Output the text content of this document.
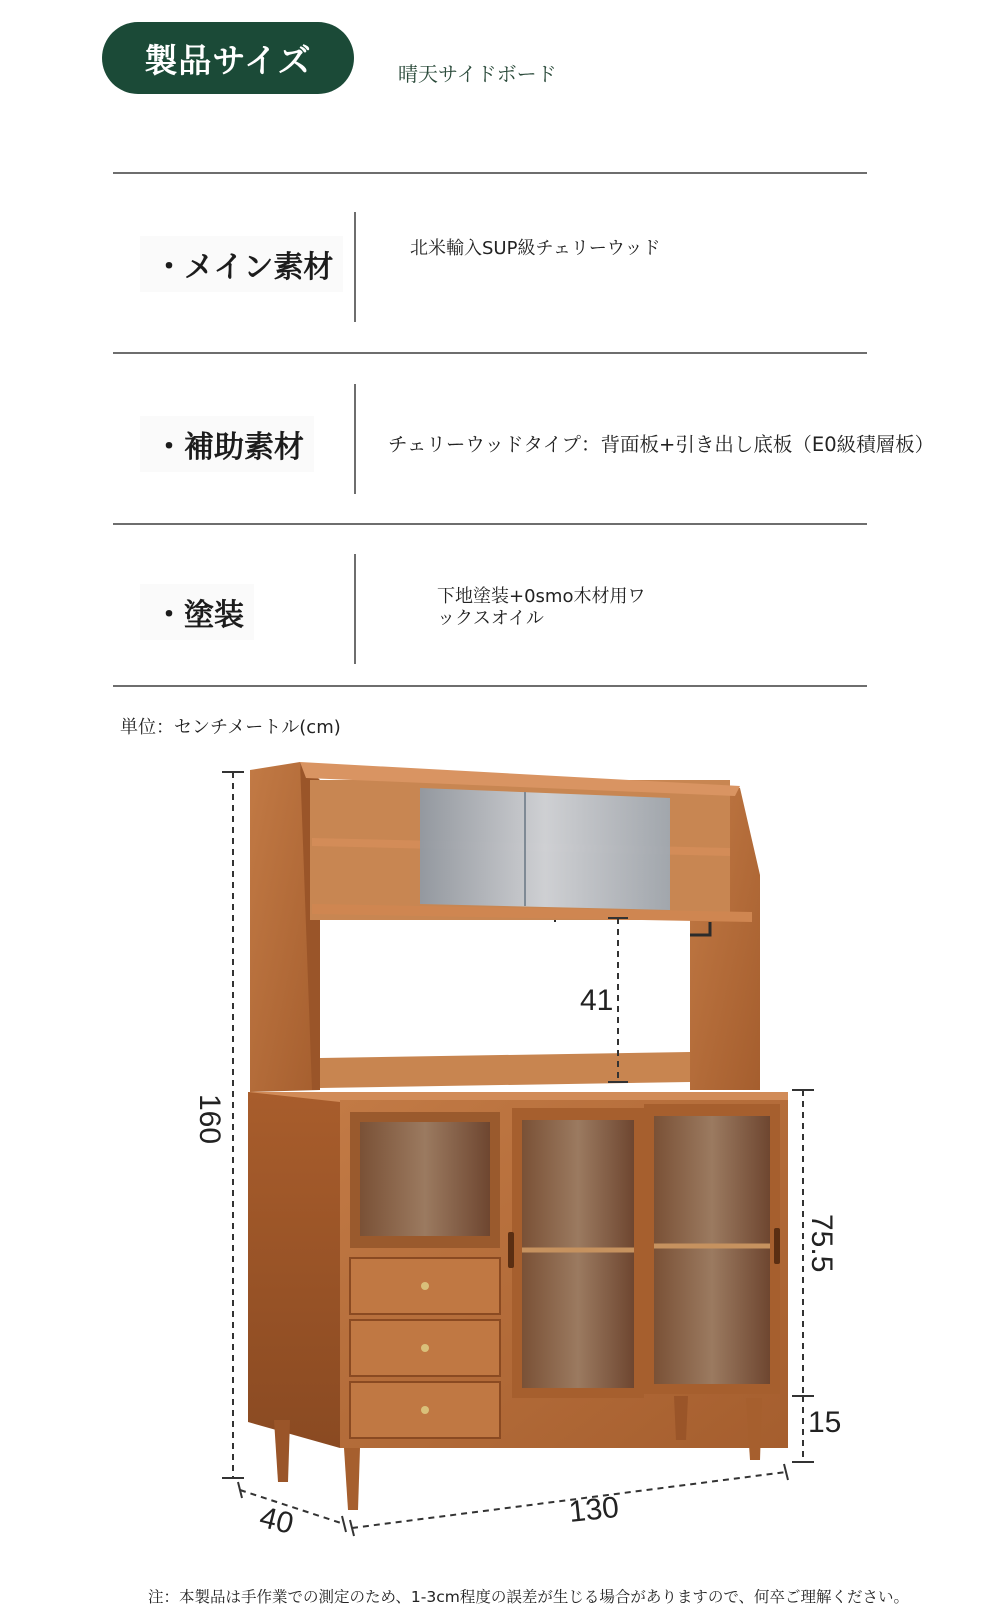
製品サイズ	晴天サイドボード
・メイン素材
北米輸入SUP級チェリーウッド
・補助素材	チェリーウッドタイプ：背面板+引き出し底板（E0級積層板）
・塗装
下地塗装+0smo木材用ワ
ックスオイル
単位：センチメートル(cm)
160
41
75.5
15
40	130
注：本製品は手作業での測定のため、1-3cm程度の誤差が生じる場合がありますので、何卒ご理解ください。
